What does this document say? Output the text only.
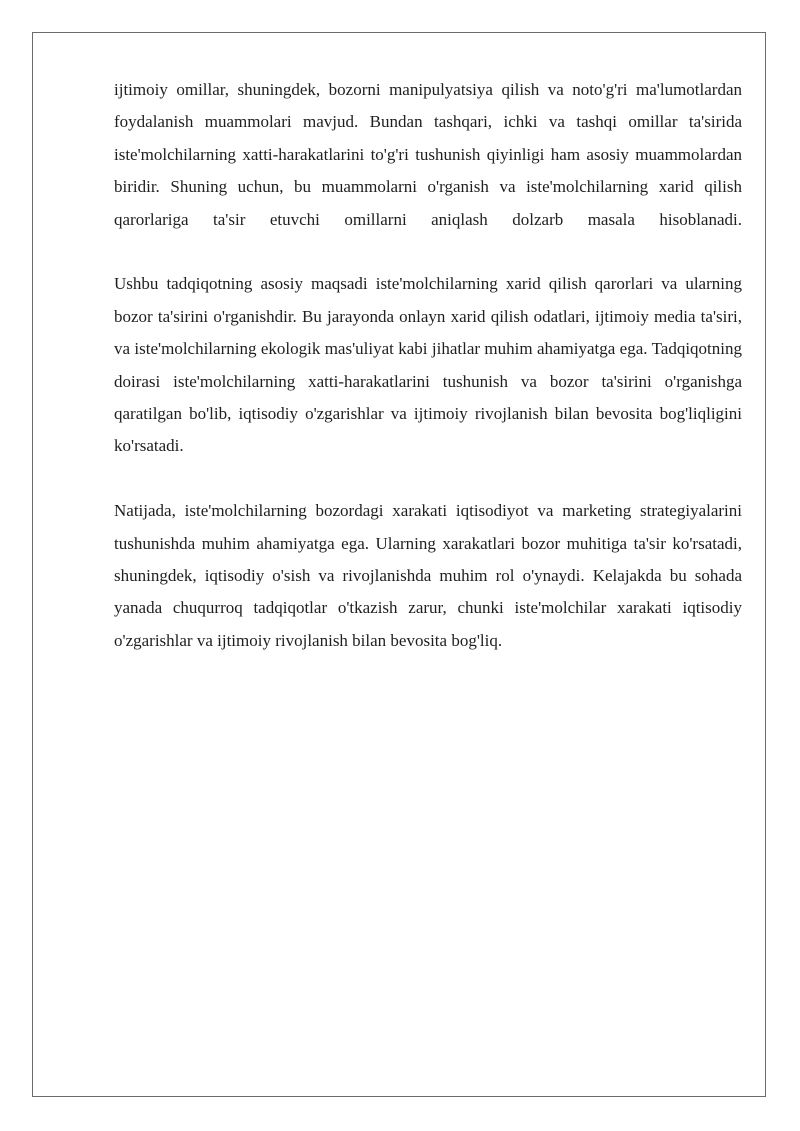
ijtimoiy omillar, shuningdek, bozorni manipulyatsiya qilish va noto'g'ri ma'lumotlardan foydalanish muammolari mavjud. Bundan tashqari, ichki va tashqi omillar ta'sirida iste'molchilarning xatti-harakatlarini to'g'ri tushunish qiyinligi ham asosiy muammolardan biridir. Shuning uchun, bu muammolarni o'rganish va iste'molchilarning xarid qilish qarorlariga ta'sir etuvchi omillarni aniqlash dolzarb masala hisoblanadi.

Ushbu tadqiqotning asosiy maqsadi iste'molchilarning xarid qilish qarorlari va ularning bozor ta'sirini o'rganishdir. Bu jarayonda onlayn xarid qilish odatlari, ijtimoiy media ta'siri, va iste'molchilarning ekologik mas'uliyat kabi jihatlar muhim ahamiyatga ega. Tadqiqotning doirasi iste'molchilarning xatti-harakatlarini tushunish va bozor ta'sirini o'rganishga qaratilgan bo'lib, iqtisodiy o'zgarishlar va ijtimoiy rivojlanish bilan bevosita bog'liqligini ko'rsatadi.

Natijada, iste'molchilarning bozordagi xarakati iqtisodiyot va marketing strategiyalarini tushunishda muhim ahamiyatga ega. Ularning xarakatlari bozor muhitiga ta'sir ko'rsatadi, shuningdek, iqtisodiy o'sish va rivojlanishda muhim rol o'ynaydi. Kelajakda bu sohada yanada chuqurroq tadqiqotlar o'tkazish zarur, chunki iste'molchilar xarakati iqtisodiy o'zgarishlar va ijtimoiy rivojlanish bilan bevosita bog'liq.
